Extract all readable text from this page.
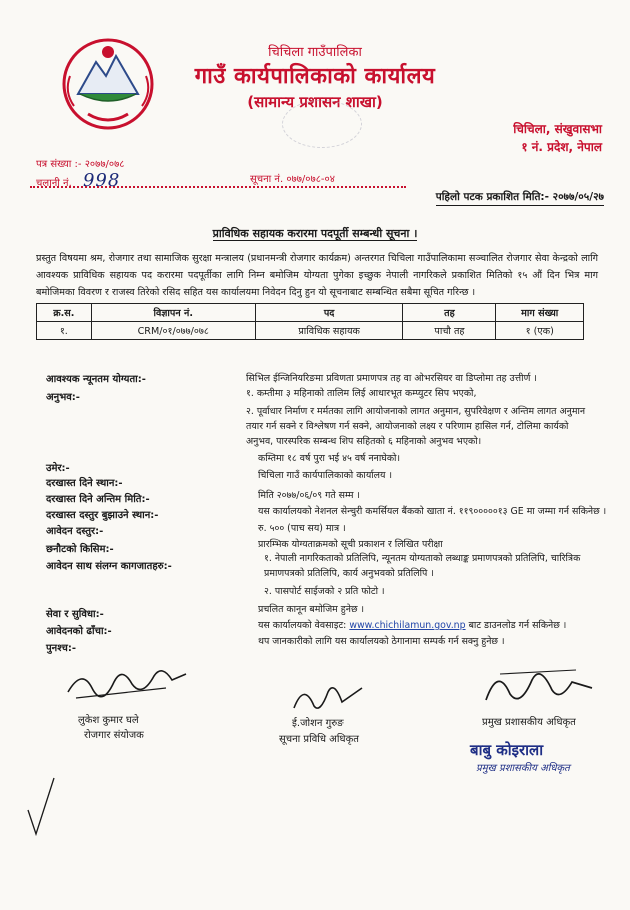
चिचिला गाउँपालिका
गाउँ कार्यपालिकाको कार्यालय
(सामान्य प्रशासन शाखा)
चिचिला, संखुवासभा
१ नं. प्रदेश, नेपाल
पत्र संख्या :- २०७७/०७८
चलानी नं. 998	सूचना नं. ०७७/०७८-०४
पहिलो पटक प्रकाशित मिति:- २०७७/०५/२७
प्राविधिक सहायक करारमा पदपूर्ती सम्बन्धी सूचना ।
प्रस्तुत विषयमा श्रम, रोजगार तथा सामाजिक सुरक्षा मन्त्रालय (प्रधानमन्त्री रोजगार कार्यक्रम) अन्तरगत चिचिला गाउँपालिकामा सञ्चालित रोजगार सेवा केन्द्रको लागि आवश्यक प्राविधिक सहायक पद करारमा पदपूर्तीका लागि निम्न बमोजिम योग्यता पुगेका इच्छुक नेपाली नागरिकले प्रकाशित मितिको १५ औं दिन भित्र माग बमोजिमका विवरण र राजस्व तिरेको रसिद सहित यस कार्यालयमा निवेदन दिनु हुन यो सूचनाबाट सम्बन्धित सबैमा सूचित गरिन्छ ।
क्र.स.	विज्ञापन नं.	पद	तह	माग संख्या
१.	CRM/०१/०७७/०७८	प्राविधिक सहायक	पाचौ तह	१ (एक)
आवश्यक न्यूनतम योग्यता:-	सिभिल ईन्जिनियरिङमा प्रविणता प्रमाणपत्र तह वा ओभरसियर वा डिप्लोमा तह उत्तीर्ण ।
अनुभव:-	१. कम्तीमा ३ महिनाको तालिम लिई आधारभूत कम्प्युटर सिप भएको,
२. पूर्वाधार निर्माण र मर्मतका लागि आयोजनाको लागत अनुमान, सुपरिवेक्षण र अन्तिम लागत अनुमान तयार गर्न सक्ने र विश्लेषण गर्न सक्ने, आयोजनाको लक्ष्य र परिणाम हासिल गर्न, टोलिमा कार्यको अनुभव, पारस्परिक सम्बन्ध शिप सहितको ६ महिनाको अनुभव भएको।
उमेर:-
कम्तिमा १८ वर्ष पुरा भई ४५ वर्ष ननाघेको।
दरखास्त दिने स्थान:-
चिचिला गाउँ कार्यपालिकाको कार्यालय ।
दरखास्त दिने अन्तिम मिति:-	मिति २०७७/०६/०९ गते सम्म ।
दरखास्त दस्तुर बुझाउने स्थान:-	यस कार्यालयको नेशनल सेन्चुरी कमर्सियल बैंकको खाता नं. ११९०००००१३ GE मा जम्मा गर्न सकिनेछ ।
आवेदन दस्तुर:-	रु. ५०० (पाच सय) मात्र ।
छनौटको किसिम:-	प्रारम्भिक योग्यताक्रमको सूची प्रकाशन र लिखित परीक्षा
आवेदन साथ संलग्न कागजातहरु:-
१. नेपाली नागरिकताको प्रतिलिपि, न्यूनतम योग्यताको लब्धाङ्क प्रमाणपत्रको प्रतिलिपि, चारित्रिक प्रमाणपत्रको प्रतिलिपि, कार्य अनुभवको प्रतिलिपि ।
२. पासपोर्ट साईजको २ प्रति फोटो ।
सेवा र सुविधा:-	प्रचलित कानून बमोजिम हुनेछ ।
आवेदनको ढाँचा:-
यस कार्यालयको वेवसाइट: www.chichilamun.gov.np बाट डाउनलोड गर्न सकिनेछ ।
थप जानकारीको लागि यस कार्यालयको ठेगानामा सम्पर्क गर्न सक्नु हुनेछ ।
पुनश्च:-
लुकेश कुमार घले
रोजगार संयोजक
ई.जोशन गुरुङ
सूचना प्रविधि अधिकृत
प्रमुख प्रशासकीय अधिकृत
बाबु कोइराला
प्रमुख प्रशासकीय अधिकृत
